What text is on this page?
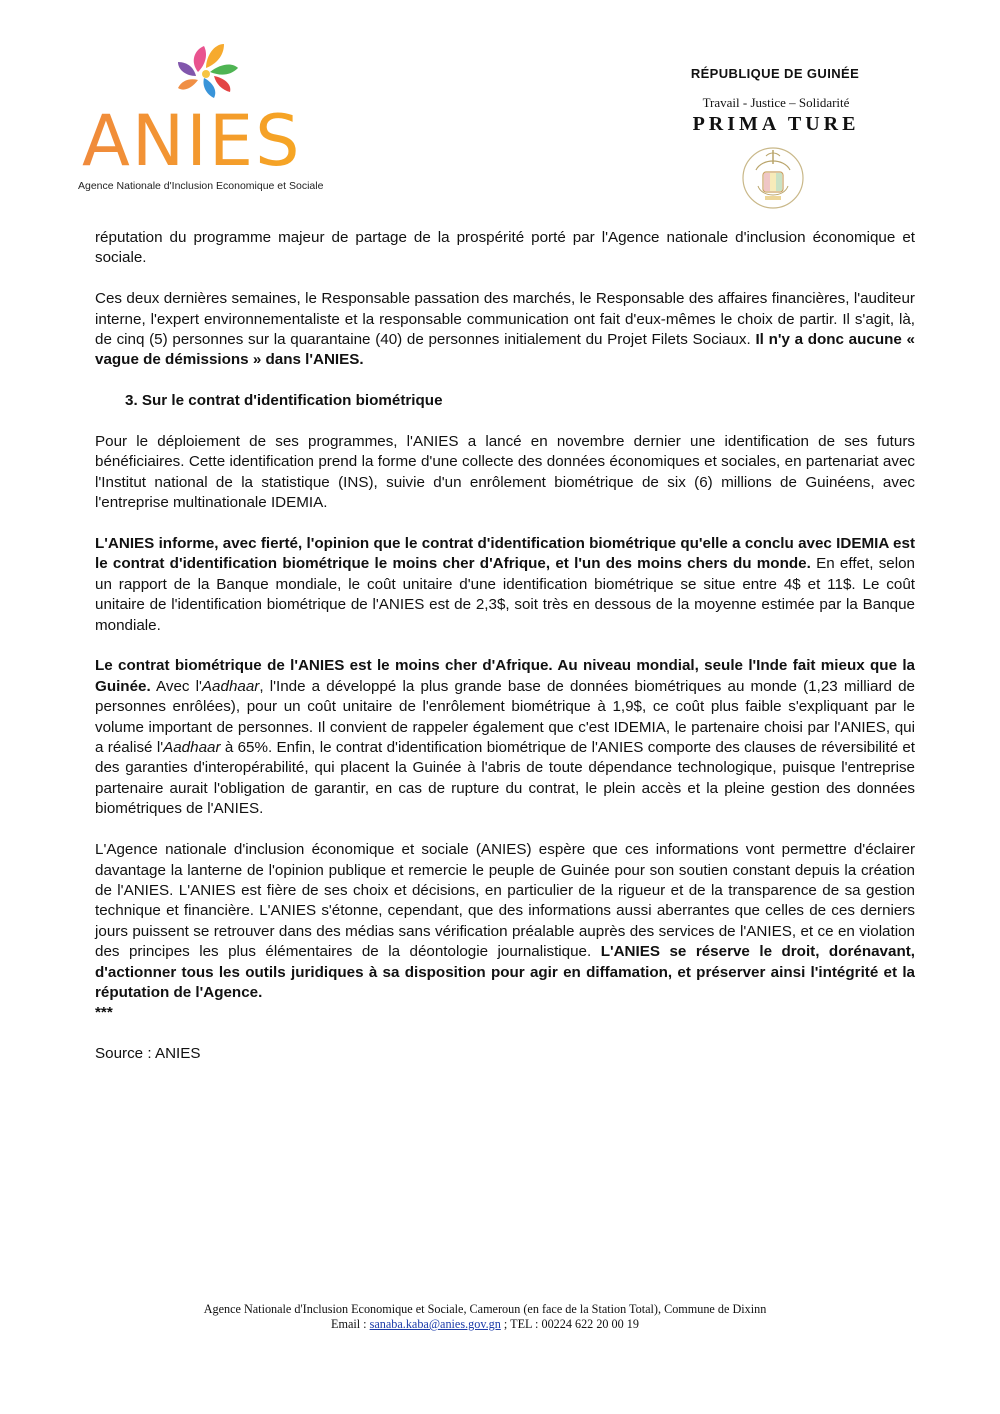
ANIES
Agence Nationale d'Inclusion Economique et Sociale
RÉPUBLIQUE DE GUINÉE
Travail - Justice – Solidarité
PRIMA TURE

réputation du programme majeur de partage de la prospérité porté par l'Agence nationale d'inclusion économique et sociale.

Ces deux dernières semaines, le Responsable passation des marchés, le Responsable des affaires financières, l'auditeur interne, l'expert environnementaliste et la responsable communication ont fait d'eux-mêmes le choix de partir. Il s'agit, là, de cinq (5) personnes sur la quarantaine (40) de personnes initialement du Projet Filets Sociaux. Il n'y a donc aucune « vague de démissions » dans l'ANIES.

3. Sur le contrat d'identification biométrique

Pour le déploiement de ses programmes, l'ANIES a lancé en novembre dernier une identification de ses futurs bénéficiaires. Cette identification prend la forme d'une collecte des données économiques et sociales, en partenariat avec l'Institut national de la statistique (INS), suivie d'un enrôlement biométrique de six (6) millions de Guinéens, avec l'entreprise multinationale IDEMIA.

L'ANIES informe, avec fierté, l'opinion que le contrat d'identification biométrique qu'elle a conclu avec IDEMIA est le contrat d'identification biométrique le moins cher d'Afrique, et l'un des moins chers du monde. En effet, selon un rapport de la Banque mondiale, le coût unitaire d'une identification biométrique se situe entre 4$ et 11$. Le coût unitaire de l'identification biométrique de l'ANIES est de 2,3$, soit très en dessous de la moyenne estimée par la Banque mondiale.

Le contrat biométrique de l'ANIES est le moins cher d'Afrique. Au niveau mondial, seule l'Inde fait mieux que la Guinée. Avec l'Aadhaar, l'Inde a développé la plus grande base de données biométriques au monde (1,23 milliard de personnes enrôlées), pour un coût unitaire de l'enrôlement biométrique à 1,9$, ce coût plus faible s'expliquant par le volume important de personnes. Il convient de rappeler également que c'est IDEMIA, le partenaire choisi par l'ANIES, qui a réalisé l'Aadhaar à 65%. Enfin, le contrat d'identification biométrique de l'ANIES comporte des clauses de réversibilité et des garanties d'interopérabilité, qui placent la Guinée à l'abris de toute dépendance technologique, puisque l'entreprise partenaire aurait l'obligation de garantir, en cas de rupture du contrat, le plein accès et la pleine gestion des données biométriques de l'ANIES.

L'Agence nationale d'inclusion économique et sociale (ANIES) espère que ces informations vont permettre d'éclairer davantage la lanterne de l'opinion publique et remercie le peuple de Guinée pour son soutien constant depuis la création de l'ANIES. L'ANIES est fière de ses choix et décisions, en particulier de la rigueur et de la transparence de sa gestion technique et financière. L'ANIES s'étonne, cependant, que des informations aussi aberrantes que celles de ces derniers jours puissent se retrouver dans des médias sans vérification préalable auprès des services de l'ANIES, et ce en violation des principes les plus élémentaires de la déontologie journalistique. L'ANIES se réserve le droit, dorénavant, d'actionner tous les outils juridiques à sa disposition pour agir en diffamation, et préserver ainsi l'intégrité et la réputation de l'Agence.

***

Source : ANIES

Agence Nationale d'Inclusion Economique et Sociale, Cameroun (en face de la Station Total), Commune de Dixinn
Email : sanaba.kaba@anies.gov.gn ; TEL : 00224 622 20 00 19
